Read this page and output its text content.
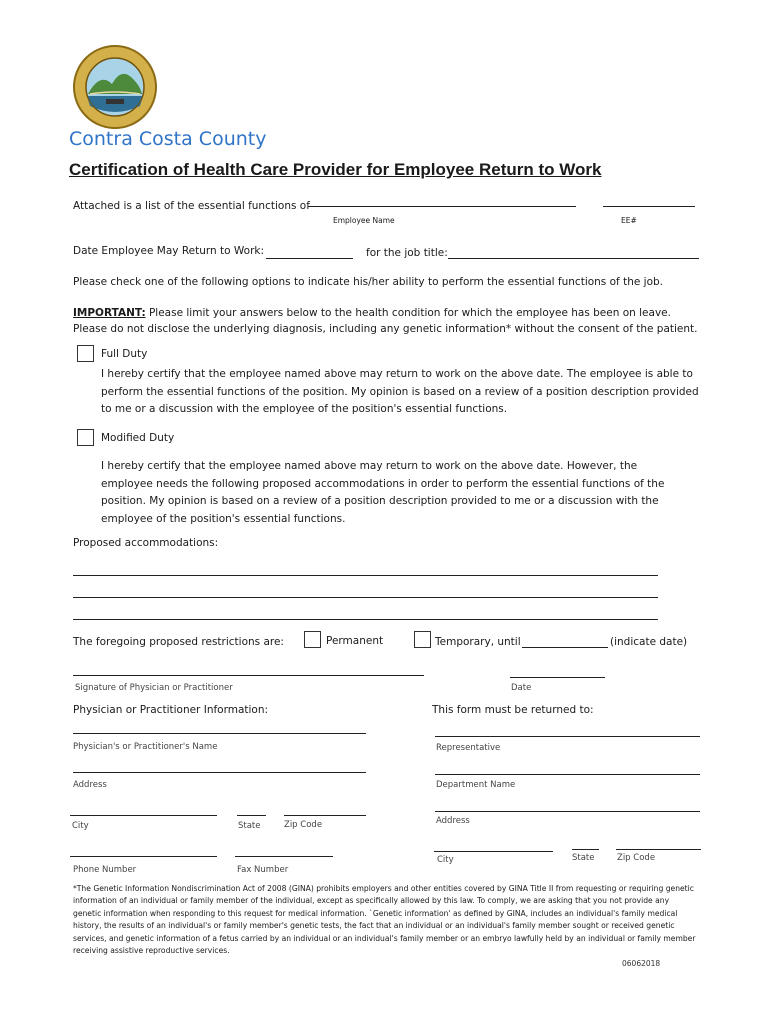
Contra Costa County
Certification of Health Care Provider for Employee Return to Work
Attached is a list of the essential functions of
Employee Name	EE#
Date Employee May Return to Work:	for the job title:
Please check one of the following options to indicate his/her ability to perform the essential functions of the job.
IMPORTANT: Please limit your answers below to the health condition for which the employee has been on leave.
Please do not disclose the underlying diagnosis, including any genetic information* without the consent of the patient.
Full Duty
I hereby certify that the employee named above may return to work on the above date. The employee is able to perform the essential functions of the position. My opinion is based on a review of a position description provided to me or a discussion with the employee of the position's essential functions.
Modified Duty
I hereby certify that the employee named above may return to work on the above date. However, the employee needs the following proposed accommodations in order to perform the essential functions of the position. My opinion is based on a review of a position description provided to me or a discussion with the employee of the position's essential functions.
Proposed accommodations:
The foregoing proposed restrictions are:	Permanent	Temporary, until	(indicate date)
Signature of Physician or Practitioner	Date
Physician or Practitioner Information:
Physician's or Practitioner's Name
Address
City	State	Zip Code
Phone Number	Fax Number
This form must be returned to:
Representative
Department Name
Address
City	State	Zip Code
*The Genetic Information Nondiscrimination Act of 2008 (GINA) prohibits employers and other entities covered by GINA Title II from requesting or requiring genetic information of an individual or family member of the individual, except as specifically allowed by this law. To comply, we are asking that you not provide any genetic information when responding to this request for medical information. `Genetic information' as defined by GINA, includes an individual's family medical history, the results of an individual's or family member's genetic tests, the fact that an individual or an individual's family member sought or received genetic services, and genetic information of a fetus carried by an individual or an individual's family member or an embryo lawfully held by an individual or family member receiving assistive reproductive services.
06062018
